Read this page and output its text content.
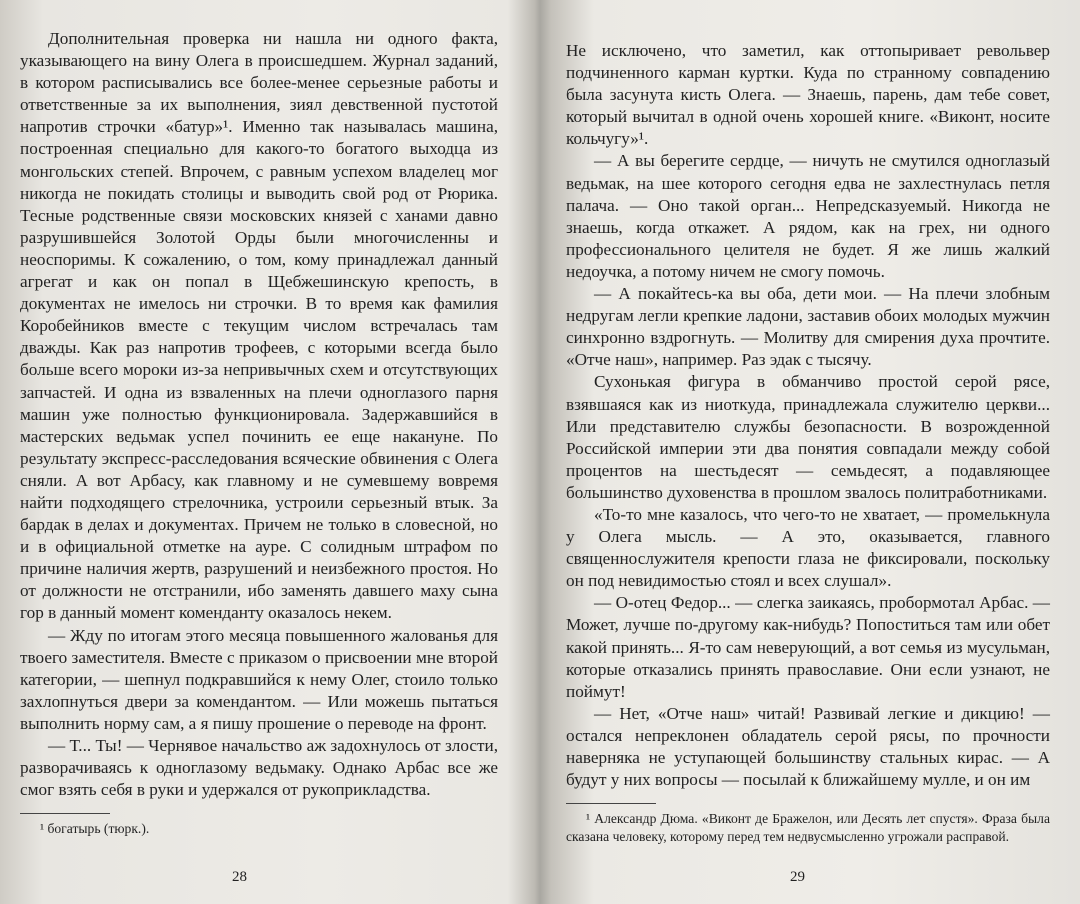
Дополнительная проверка ни нашла ни одного факта, указывающего на вину Олега в происшедшем. Журнал заданий, в котором расписывались все более-менее серьезные работы и ответственные за их выполнения, зиял девственной пустотой напротив строчки «батур»¹. Именно так называлась машина, построенная специально для какого-то богатого выходца из монгольских степей. Впрочем, с равным успехом владелец мог никогда не покидать столицы и выводить свой род от Рюрика. Тесные родственные связи московских князей с ханами давно разрушившейся Золотой Орды были многочисленны и неоспоримы. К сожалению, о том, кому принадлежал данный агрегат и как он попал в Щебжешинскую крепость, в документах не имелось ни строчки. В то время как фамилия Коробейников вместе с текущим числом встречалась там дважды. Как раз напротив трофеев, с которыми всегда было больше всего мороки из-за непривычных схем и отсутствующих запчастей. И одна из взваленных на плечи одноглазого парня машин уже полностью функционировала. Задержавшийся в мастерских ведьмак успел починить ее еще накануне. По результату экспресс-расследования всяческие обвинения с Олега сняли. А вот Арбасу, как главному и не сумевшему вовремя найти подходящего стрелочника, устроили серьезный втык. За бардак в делах и документах. Причем не только в словесной, но и в официальной отметке на ауре. С солидным штрафом по причине наличия жертв, разрушений и неизбежного простоя. Но от должности не отстранили, ибо заменять давшего маху сына гор в данный момент коменданту оказалось некем.

— Жду по итогам этого месяца повышенного жалованья для твоего заместителя. Вместе с приказом о присвоении мне второй категории, — шепнул подкравшийся к нему Олег, стоило только захлопнуться двери за комендантом. — Или можешь пытаться выполнить норму сам, а я пишу прошение о переводе на фронт.

— Т... Ты! — Чернявое начальство аж задохнулось от злости, разворачиваясь к одноглазому ведьмаку. Однако Арбас все же смог взять себя в руки и удержался от рукоприкладства.

¹ богатырь (тюрк.).

28

Не исключено, что заметил, как оттопыривает револьвер подчиненного карман куртки. Куда по странному совпадению была засунута кисть Олега. — Знаешь, парень, дам тебе совет, который вычитал в одной очень хорошей книге. «Виконт, носите кольчугу»¹.

— А вы берегите сердце, — ничуть не смутился одноглазый ведьмак, на шее которого сегодня едва не захлестнулась петля палача. — Оно такой орган... Непредсказуемый. Никогда не знаешь, когда откажет. А рядом, как на грех, ни одного профессионального целителя не будет. Я же лишь жалкий недоучка, а потому ничем не смогу помочь.

— А покайтесь-ка вы оба, дети мои. — На плечи злобным недругам легли крепкие ладони, заставив обоих молодых мужчин синхронно вздрогнуть. — Молитву для смирения духа прочтите. «Отче наш», например. Раз эдак с тысячу.

Сухонькая фигура в обманчиво простой серой рясе, взявшаяся как из ниоткуда, принадлежала служителю церкви... Или представителю службы безопасности. В возрожденной Российской империи эти два понятия совпадали между собой процентов на шестьдесят — семьдесят, а подавляющее большинство духовенства в прошлом звалось политработниками.

«То-то мне казалось, что чего-то не хватает, — промелькнула у Олега мысль. — А это, оказывается, главного священнослужителя крепости глаза не фиксировали, поскольку он под невидимостью стоял и всех слушал».

— О-отец Федор... — слегка заикаясь, пробормотал Арбас. — Может, лучше по-другому как-нибудь? Попоститься там или обет какой принять... Я-то сам неверующий, а вот семья из мусульман, которые отказались принять православие. Они если узнают, не поймут!

— Нет, «Отче наш» читай! Развивай легкие и дикцию! — остался непреклонен обладатель серой рясы, по прочности наверняка не уступающей большинству стальных кирас. — А будут у них вопросы — посылай к ближайшему мулле, и он им

¹ Александр Дюма. «Виконт де Бражелон, или Десять лет спустя». Фраза была сказана человеку, которому перед тем недвусмысленно угрожали расправой.

29
